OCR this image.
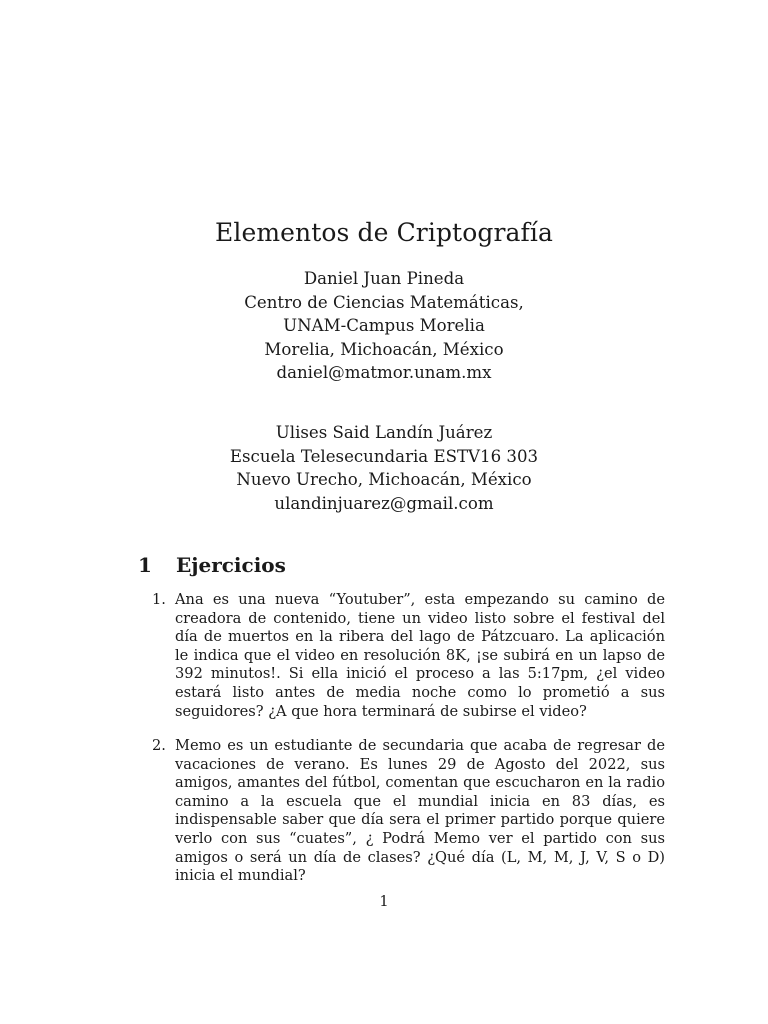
Elementos de Criptografía
Daniel Juan Pineda
Centro de Ciencias Matemáticas,
UNAM-Campus Morelia
Morelia, Michoacán, México
daniel@matmor.unam.mx
Ulises Said Landín Juárez
Escuela Telesecundaria ESTV16 303
Nuevo Urecho, Michoacán, México
ulandinjuarez@gmail.com
1 Ejercicios
1. Ana es una nueva “Youtuber”, esta empezando su camino de creadora de contenido, tiene un video listo sobre el festival del día de muertos en la ribera del lago de Pátzcuaro. La aplicación le indica que el video en resolución 8K, ¡se subirá en un lapso de 392 minutos!. Si ella inició el proceso a las 5:17pm, ¿el video estará listo antes de media noche como lo prometió a sus seguidores? ¿A que hora terminará de subirse el video?
2. Memo es un estudiante de secundaria que acaba de regresar de vacaciones de verano. Es lunes 29 de Agosto del 2022, sus amigos, amantes del fútbol, comentan que escucharon en la radio camino a la escuela que el mundial inicia en 83 días, es indispensable saber que día sera el primer partido porque quiere verlo con sus “cuates”, ¿ Podrá Memo ver el partido con sus amigos o será un día de clases? ¿Qué día (L, M, M, J, V, S o D) inicia el mundial?
1
